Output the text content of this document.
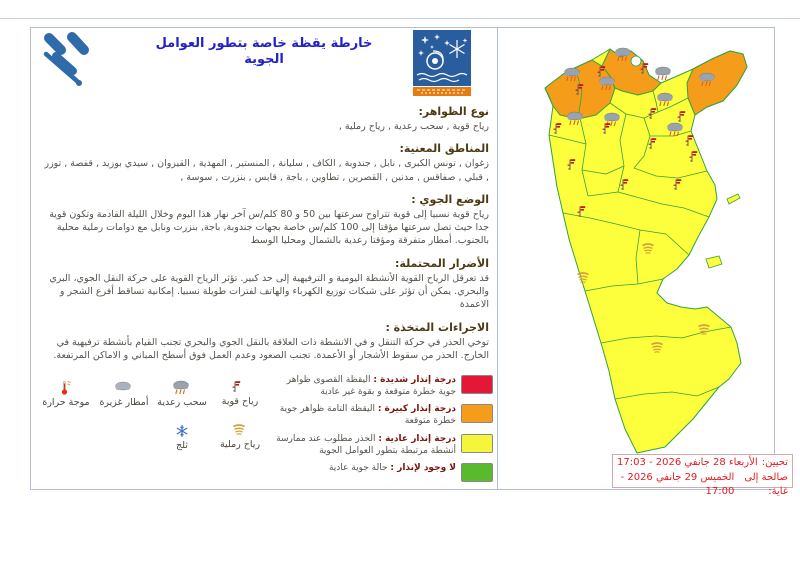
خارطة يقظة خاصة بتطور العوامل الجوية
نوع الظواهر:

رياح قوية , سحب رعدية , رياح رملية ,

المناطق المعنية:

زغوان , تونس الكبرى , نابل , جندوبة , الكاف , سليانة , المنستير , المهدية , القيروان , سيدي بوزيد , قفصة , توزر , قبلي , صفاقس , مدنين , القصرين , تطاوين , باجة , قابس , بنزرت , سوسة ,

الوضع الجوي :

رياح قوية نسبيا إلى قوية تتراوح سرعتها بين 50 و 80 كلم/س آخر نهار هذا اليوم وخلال الليلة القادمة وتكون قوية جدا حيث تصل سرعتها مؤقتا إلى 100 كلم/س خاصة بجهات جندوبة, باجة, بنزرت ونابل مع دوامات رملية محلية بالجنوب. أمطار متفرقة ومؤقتا رعدية بالشمال ومحليا الوسط

الأضرار المحتملة:

قد تعرقل الرياح القوية الأنشطة اليومية و الترفيهية إلى حد كبير. تؤثر الرياح القوية على حركة النقل الجوي، البري والبحري. يمكن أن تؤثر على شبكات توزيع الكهرباء والهاتف لفترات طويلة نسبيا. إمكانية تساقط أفرع الشجر و الاعمدة

الاجراءات المتخذة :

توخي الحذر في حركة التنقل و في الانشطة ذات العلاقة بالنقل الجوي والبحري تجنب القيام بأنشطة ترفيهية في الخارج. الحذر من سقوط الأشجار أو الأعمدة. تجنب الصعود وعدم العمل فوق أسطح المباني و الاماكن المرتفعة.

رياح قوية
سحب رعدية
أمطار غزيرة
موجة حرارة
رياح رملية
ثلج
درجة إنذار شديدة : اليقظة القصوى ظواهر جوية خطرة متوقعة و بقوة غير عادية
درجة إنذار كبيرة : اليقظة التامة ظواهر جوية خطرة متوقعة
درجة إنذار عادية : الحذر مطلوب عند ممارسة أنشطة مرتبطة بتطور العوامل الجوية
لا وجود لإنذار : حالة جوية عادية	تحيين:
الأربعاء 28 جانفي 2026 - 17:03
صالحة إلى غاية:
الخميس 29 جانفي 2026 - 17:00
